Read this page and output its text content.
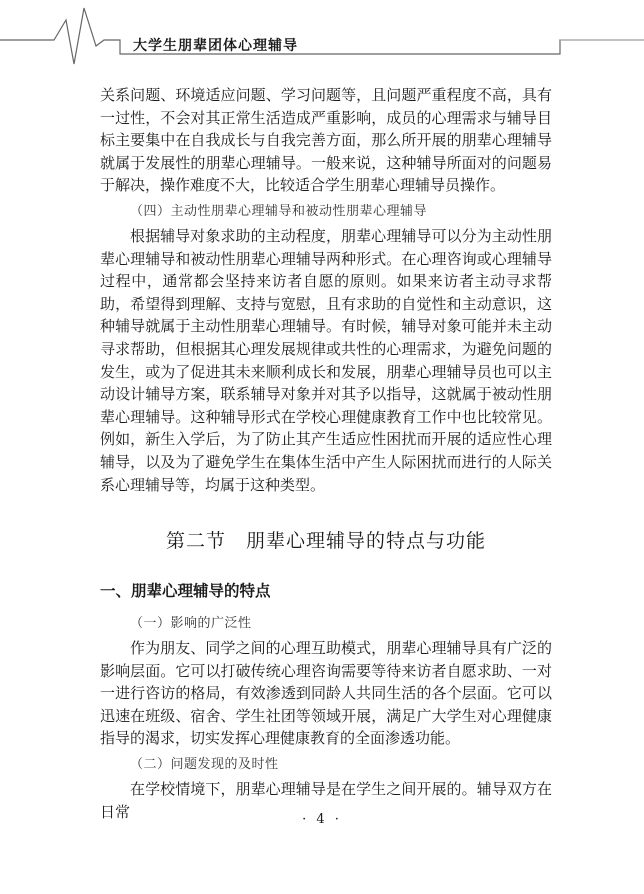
大学生朋辈团体心理辅导

关系问题、环境适应问题、学习问题等，且问题严重程度不高，具有一过性，不会对其正常生活造成严重影响，成员的心理需求与辅导目标主要集中在自我成长与自我完善方面，那么所开展的朋辈心理辅导就属于发展性的朋辈心理辅导。一般来说，这种辅导所面对的问题易于解决，操作难度不大，比较适合学生朋辈心理辅导员操作。

（四）主动性朋辈心理辅导和被动性朋辈心理辅导

根据辅导对象求助的主动程度，朋辈心理辅导可以分为主动性朋辈心理辅导和被动性朋辈心理辅导两种形式。在心理咨询或心理辅导过程中，通常都会坚持来访者自愿的原则。如果来访者主动寻求帮助，希望得到理解、支持与宽慰，且有求助的自觉性和主动意识，这种辅导就属于主动性朋辈心理辅导。有时候，辅导对象可能并未主动寻求帮助，但根据其心理发展规律或共性的心理需求，为避免问题的发生，或为了促进其未来顺利成长和发展，朋辈心理辅导员也可以主动设计辅导方案，联系辅导对象并对其予以指导，这就属于被动性朋辈心理辅导。这种辅导形式在学校心理健康教育工作中也比较常见。例如，新生入学后，为了防止其产生适应性困扰而开展的适应性心理辅导，以及为了避免学生在集体生活中产生人际困扰而进行的人际关系心理辅导等，均属于这种类型。

第二节　朋辈心理辅导的特点与功能
一、朋辈心理辅导的特点
（一）影响的广泛性

作为朋友、同学之间的心理互助模式，朋辈心理辅导具有广泛的影响层面。它可以打破传统心理咨询需要等待来访者自愿求助、一对一进行咨访的格局，有效渗透到同龄人共同生活的各个层面。它可以迅速在班级、宿舍、学生社团等领域开展，满足广大学生对心理健康指导的渴求，切实发挥心理健康教育的全面渗透功能。

（二）问题发现的及时性

在学校情境下，朋辈心理辅导是在学生之间开展的。辅导双方在日常	· 4 ·
